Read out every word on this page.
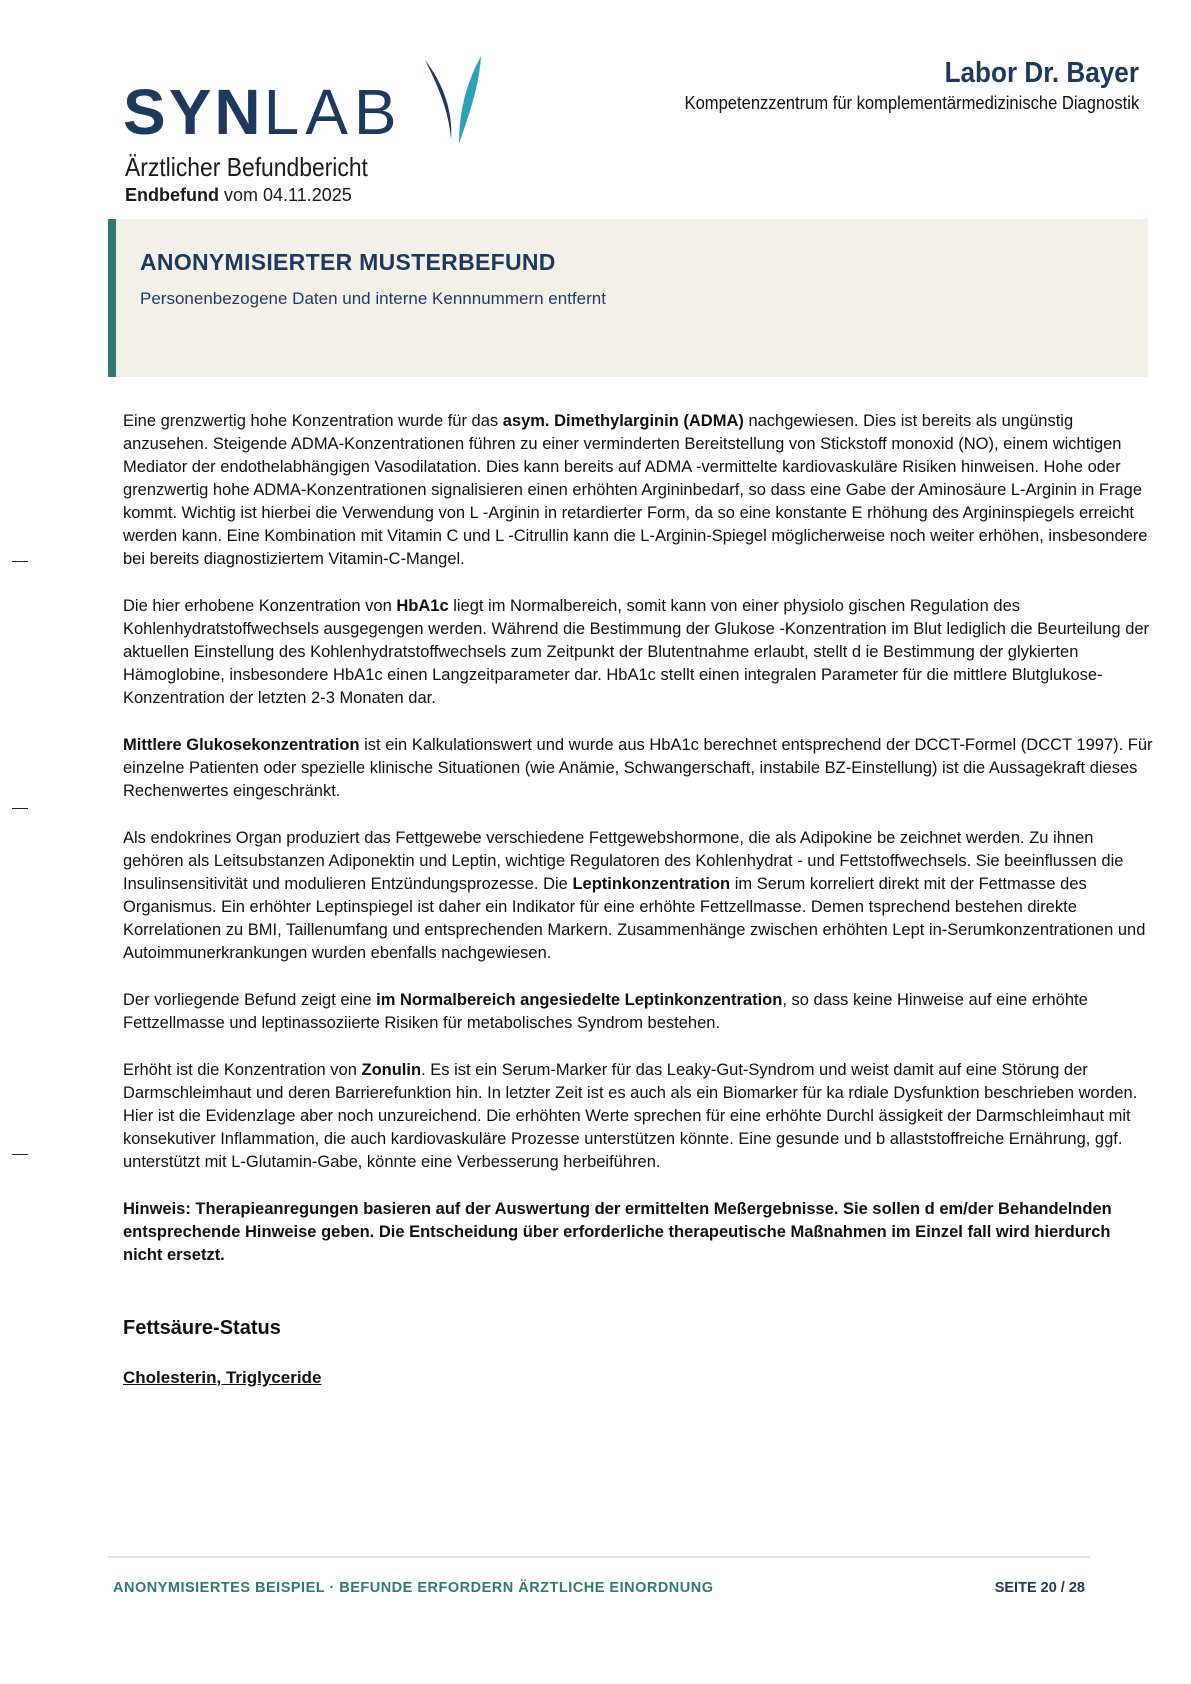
SYNLAB
Ärztlicher Befundbericht
Endbefund vom 04.11.2025
Labor Dr. Bayer
Kompetenzzentrum für komplementärmedizinische Diagnostik
ANONYMISIERTER MUSTERBEFUND
Personenbezogene Daten und interne Kennnummern entfernt

Eine grenzwertig hohe Konzentration wurde für das asym. Dimethylarginin (ADMA) nachgewiesen. Dies ist bereits als ungünstig anzusehen. Steigende ADMA-Konzentrationen führen zu einer verminderten Bereitstellung von Stickstoff monoxid (NO), einem wichtigen Mediator der endothelabhängigen Vasodilatation. Dies kann bereits auf ADMA -vermittelte kardiovaskuläre Risiken hinweisen. Hohe oder grenzwertig hohe ADMA-Konzentrationen signalisieren einen erhöhten Argininbedarf, so dass eine Gabe der Aminosäure L-Arginin in Frage kommt. Wichtig ist hierbei die Verwendung von L -Arginin in retardierter Form, da so eine konstante E rhöhung des Argininspiegels erreicht werden kann. Eine Kombination mit Vitamin C und L -Citrullin kann die L-Arginin-Spiegel möglicherweise noch weiter erhöhen, insbesondere bei bereits diagnostiziertem Vitamin-C-Mangel.

Die hier erhobene Konzentration von HbA1c liegt im Normalbereich, somit kann von einer physiolo gischen Regulation des Kohlenhydratstoffwechsels ausgegengen werden. Während die Bestimmung der Glukose -Konzentration im Blut lediglich die Beurteilung der aktuellen Einstellung des Kohlenhydratstoffwechsels zum Zeitpunkt der Blutentnahme erlaubt, stellt d ie Bestimmung der glykierten Hämoglobine, insbesondere HbA1c einen Langzeitparameter dar. HbA1c stellt einen integralen Parameter für die mittlere Blutglukose-Konzentration der letzten 2-3 Monaten dar.

Mittlere Glukosekonzentration ist ein Kalkulationswert und wurde aus HbA1c berechnet entsprechend der DCCT-Formel (DCCT 1997). Für einzelne Patienten oder spezielle klinische Situationen (wie Anämie, Schwangerschaft, instabile BZ-Einstellung) ist die Aussagekraft dieses Rechenwertes eingeschränkt.

Als endokrines Organ produziert das Fettgewebe verschiedene Fettgewebshormone, die als Adipokine be zeichnet werden. Zu ihnen gehören als Leitsubstanzen Adiponektin und Leptin, wichtige Regulatoren des Kohlenhydrat - und Fettstoffwechsels. Sie beeinflussen die Insulinsensitivität und modulieren Entzündungsprozesse. Die Leptinkonzentration im Serum korreliert direkt mit der Fettmasse des Organismus. Ein erhöhter Leptinspiegel ist daher ein Indikator für eine erhöhte Fettzellmasse. Demen tsprechend bestehen direkte Korrelationen zu BMI, Taillenumfang und entsprechenden Markern. Zusammenhänge zwischen erhöhten Lept in-Serumkonzentrationen und Autoimmunerkrankungen wurden ebenfalls nachgewiesen.

Der vorliegende Befund zeigt eine im Normalbereich angesiedelte Leptinkonzentration, so dass keine Hinweise auf eine erhöhte Fettzellmasse und leptinassoziierte Risiken für metabolisches Syndrom bestehen.

Erhöht ist die Konzentration von Zonulin. Es ist ein Serum-Marker für das Leaky-Gut-Syndrom und weist damit auf eine Störung der Darmschleimhaut und deren Barrierefunktion hin. In letzter Zeit ist es auch als ein Biomarker für ka rdiale Dysfunktion beschrieben worden. Hier ist die Evidenzlage aber noch unzureichend. Die erhöhten Werte sprechen für eine erhöhte Durchl ässigkeit der Darmschleimhaut mit konsekutiver Inflammation, die auch kardiovaskuläre Prozesse unterstützen könnte. Eine gesunde und b allaststoffreiche Ernährung, ggf. unterstützt mit L-Glutamin-Gabe, könnte eine Verbesserung herbeiführen.

Hinweis: Therapieanregungen basieren auf der Auswertung der ermittelten Meßergebnisse. Sie sollen d em/der Behandelnden entsprechende Hinweise geben. Die Entscheidung über erforderliche therapeutische Maßnahmen im Einzel fall wird hierdurch nicht ersetzt.

Fettsäure-Status
Cholesterin, Triglyceride
ANONYMISIERTES BEISPIEL · BEFUNDE ERFORDERN ÄRZTLICHE EINORDNUNG	SEITE 20 / 28
